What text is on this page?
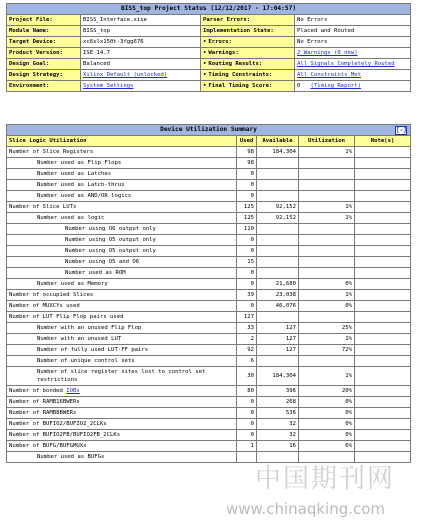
BISS_top Project Status (12/12/2017 - 17:04:57)			
Project File:	BISS_Interface.xise	Parser Errors:	No Errors
Module Name:	BISS_top	Implementation State:	Placed and Routed
Target Device:	xc6slx150t-3fgg676	• Errors:	No Errors
Product Version:	ISE 14.7	• Warnings:	2 Warnings (0 new)
Design Goal:	Balanced	• Routing Results:	All Signals Completely Routed
Design Strategy:	Xilinx Default (unlocked)	• Timing Constraints:	All Constraints Met
Environment:	System Settings	• Final Timing Score:	0 (Timing Report)
Device Utilization Summary [-]				

Slice Logic Utilization	Used	Available	Utilization	Note(s)
Number of Slice Registers	98	184,304	1%	
Number used as Flip Flops	98			
Number used as Latches	0			
Number used as Latch-thrus	0			
Number used as AND/OR logics	0			
Number of Slice LUTs	125	92,152	1%	
Number used as logic	125	92,152	1%	
Number using O6 output only	110			
Number using O5 output only	0			
Number using O5 output only	0			
Number using O5 and O6	15			
Number used as ROM	0			
Number used as Memory	0	21,680	0%	
Number of occupied Slices	39	23,038	1%	
Number of MUXCYs used	0	46,076	0%	
Number of LUT Flip Flop pairs used	127			
Number with an unused Flip Flop	33	127	25%	
Number with an unused LUT	2	127	1%	
Number of fully used LUT-FF pairs	92	127	72%	
Number of unique control sets	6			
Number of slice register sites lost to control set restrictions	30	184,304	1%	
Number of bonded IOBs	80	396	20%	
Number of RAMB16BWERs	0	268	0%	
Number of RAMB8BWERs	0	536	0%	
Number of BUFIO2/BUFIO2_2CLKs	0	32	0%	
Number of BUFIO2FB/BUFIO2FB_2CLKs	0	32	0%	
Number of BUFG/BUFGMUXs	1	16	6%	
Number used as BUFGs				
中国期刊网
www.chinaqking.com
